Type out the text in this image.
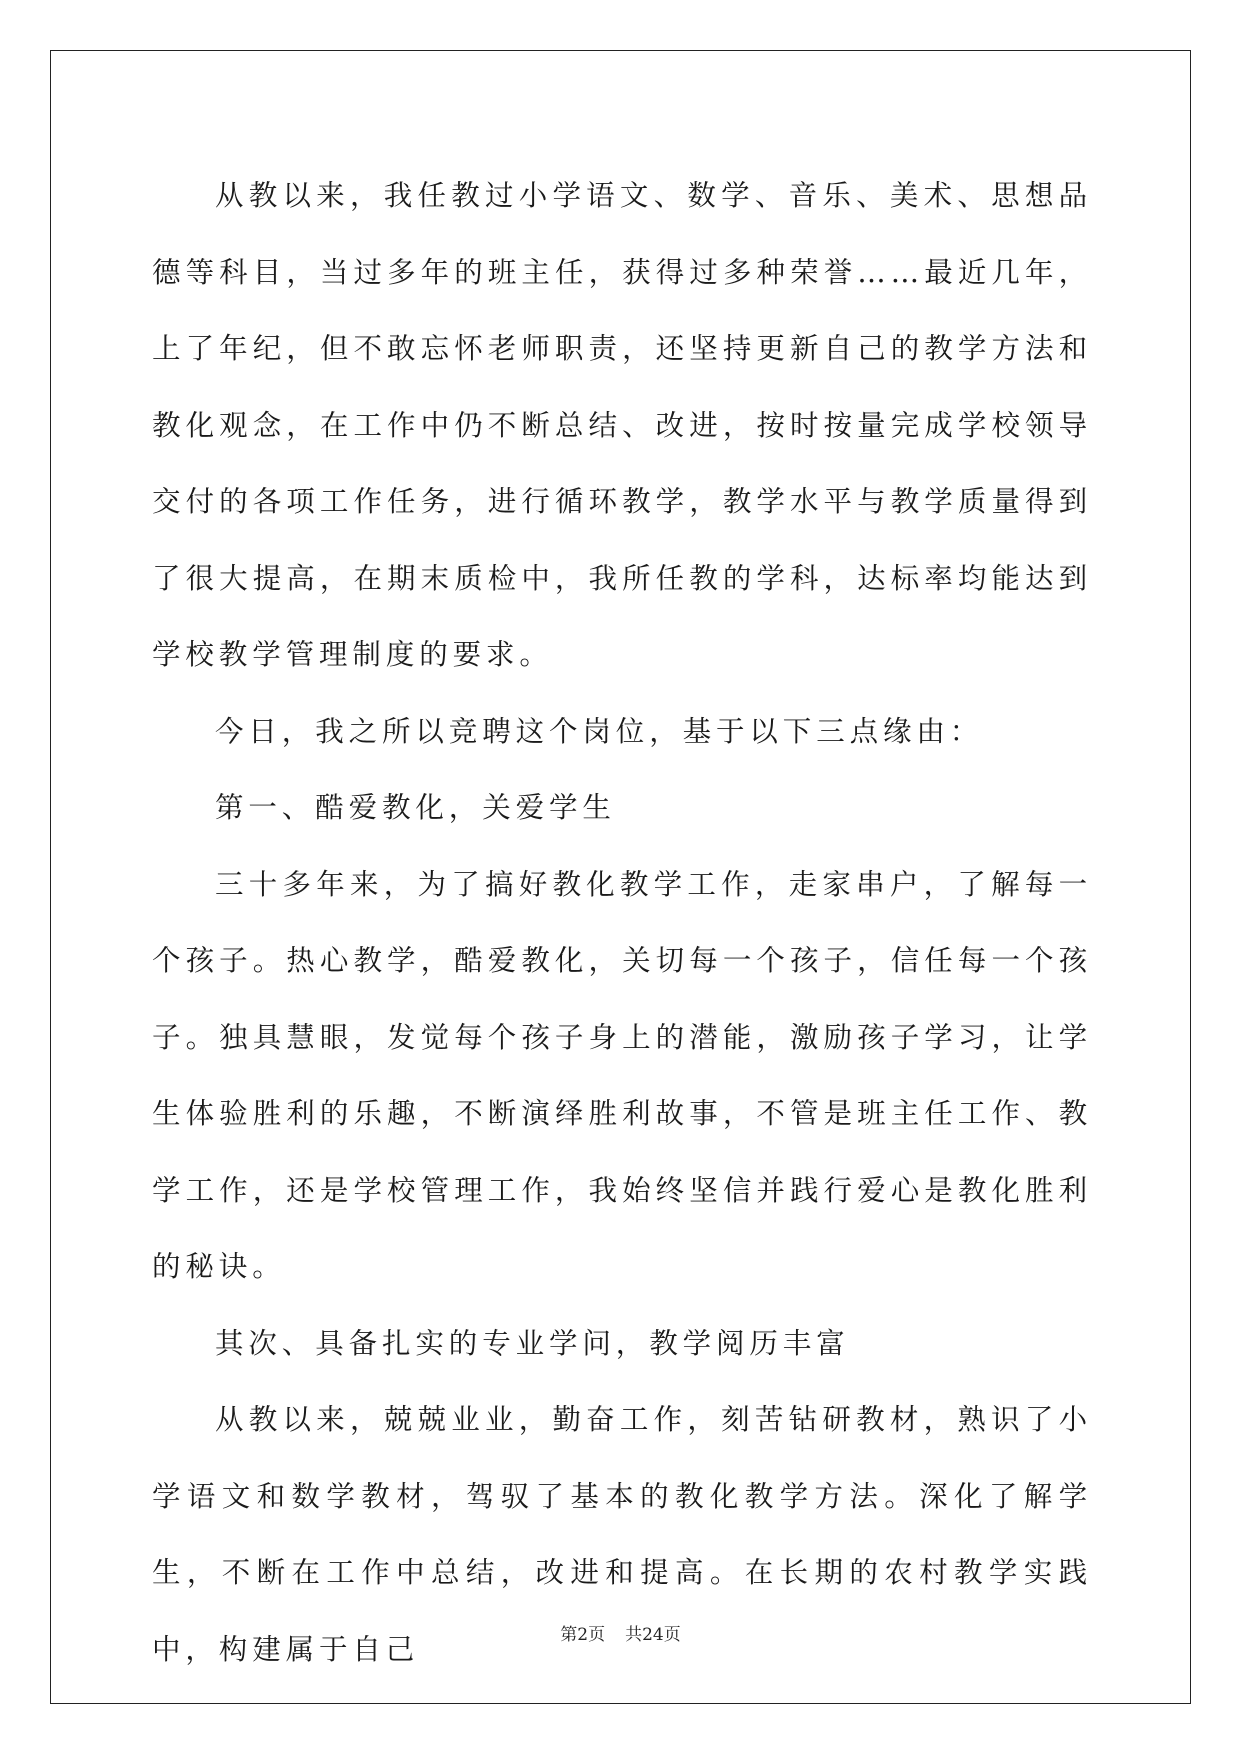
从教以来，我任教过小学语文、数学、音乐、美术、思想品德等科目，当过多年的班主任，获得过多种荣誉……最近几年，上了年纪，但不敢忘怀老师职责，还坚持更新自己的教学方法和教化观念，在工作中仍不断总结、改进，按时按量完成学校领导交付的各项工作任务，进行循环教学，教学水平与教学质量得到了很大提高，在期末质检中，我所任教的学科，达标率均能达到学校教学管理制度的要求。

今日，我之所以竞聘这个岗位，基于以下三点缘由：

第一、酷爱教化，关爱学生

三十多年来，为了搞好教化教学工作，走家串户，了解每一个孩子。热心教学，酷爱教化，关切每一个孩子，信任每一个孩子。独具慧眼，发觉每个孩子身上的潜能，激励孩子学习，让学生体验胜利的乐趣，不断演绎胜利故事，不管是班主任工作、教学工作，还是学校管理工作，我始终坚信并践行爱心是教化胜利的秘诀。

其次、具备扎实的专业学问，教学阅历丰富

从教以来，兢兢业业，勤奋工作，刻苦钻研教材，熟识了小学语文和数学教材，驾驭了基本的教化教学方法。深化了解学生，不断在工作中总结，改进和提高。在长期的农村教学实践中，构建属于自己	第2页 共24页
